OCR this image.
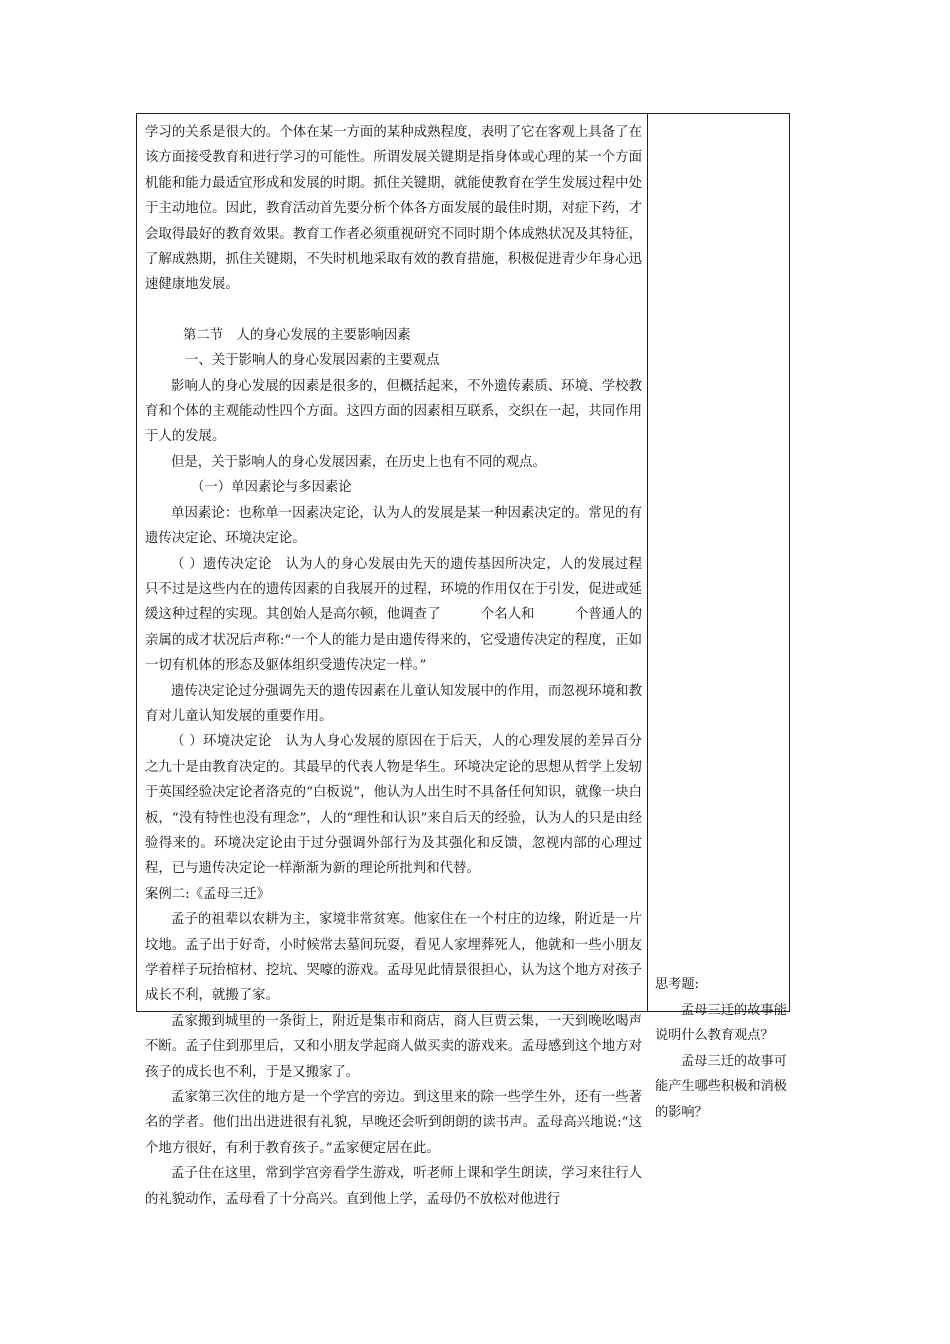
学习的关系是很大的。个体在某一方面的某种成熟程度，表明了它在客观上具备了在该方面接受教育和进行学习的可能性。所谓发展关键期是指身体或心理的某一个方面机能和能力最适宜形成和发展的时期。抓住关键期，就能使教育在学生发展过程中处于主动地位。因此，教育活动首先要分析个体各方面发展的最佳时期，对症下药，才会取得最好的教育效果。教育工作者必须重视研究不同时期个体成熟状况及其特征，了解成熟期，抓住关键期，不失时机地采取有效的教育措施，积极促进青少年身心迅速健康地发展。

第二节　人的身心发展的主要影响因素

一、关于影响人的身心发展因素的主要观点

影响人的身心发展的因素是很多的，但概括起来，不外遗传素质、环境、学校教育和个体的主观能动性四个方面。这四方面的因素相互联系，交织在一起，共同作用于人的发展。

但是，关于影响人的身心发展因素，在历史上也有不同的观点。

（一）单因素论与多因素论

单因素论：也称单一因素决定论，认为人的发展是某一种因素决定的。常见的有遗传决定论、环境决定论。

（ ）遗传决定论　认为人的身心发展由先天的遗传基因所决定，人的发展过程只不过是这些内在的遗传因素的自我展开的过程，环境的作用仅在于引发，促进或延缓这种过程的实现。其创始人是高尔顿，他调查了　　　个名人和　　　个普通人的亲属的成才状况后声称:“一个人的能力是由遗传得来的，它受遗传决定的程度，正如一切有机体的形态及躯体组织受遗传决定一样。”

遗传决定论过分强调先天的遗传因素在儿童认知发展中的作用，而忽视环境和教育对儿童认知发展的重要作用。

（ ）环境决定论　认为人身心发展的原因在于后天，人的心理发展的差异百分之九十是由教育决定的。其最早的代表人物是华生。环境决定论的思想从哲学上发轫于英国经验决定论者洛克的“白板说”，他认为人出生时不具备任何知识，就像一块白板，“没有特性也没有理念”，人的“理性和认识”来自后天的经验，认为人的只是由经验得来的。环境决定论由于过分强调外部行为及其强化和反馈，忽视内部的心理过程，已与遗传决定论一样渐渐为新的理论所批判和代替。

案例二:《孟母三迁》

孟子的祖辈以农耕为主，家境非常贫寒。他家住在一个村庄的边缘，附近是一片坟地。孟子出于好奇，小时候常去墓间玩耍，看见人家埋葬死人，他就和一些小朋友学着样子玩抬棺材、挖坑、哭嚎的游戏。孟母见此情景很担心，认为这个地方对孩子成长不利，就搬了家。

孟家搬到城里的一条街上，附近是集市和商店，商人巨贾云集，一天到晚吆喝声不断。孟子住到那里后，又和小朋友学起商人做买卖的游戏来。孟母感到这个地方对孩子的成长也不利，于是又搬家了。

孟家第三次住的地方是一个学宫的旁边。到这里来的除一些学生外，还有一些著名的学者。他们出出进进很有礼貌，早晚还会听到朗朗的读书声。孟母高兴地说:“这个地方很好，有利于教育孩子。”孟家便定居在此。

孟子住在这里，常到学宫旁看学生游戏，听老师上课和学生朗读，学习来往行人的礼貌动作，孟母看了十分高兴。直到他上学，孟母仍不放松对他进行

思考题:

孟母三迁的故事能说明什么教育观点？

孟母三迁的故事可能产生哪些积极和消极的影响？
